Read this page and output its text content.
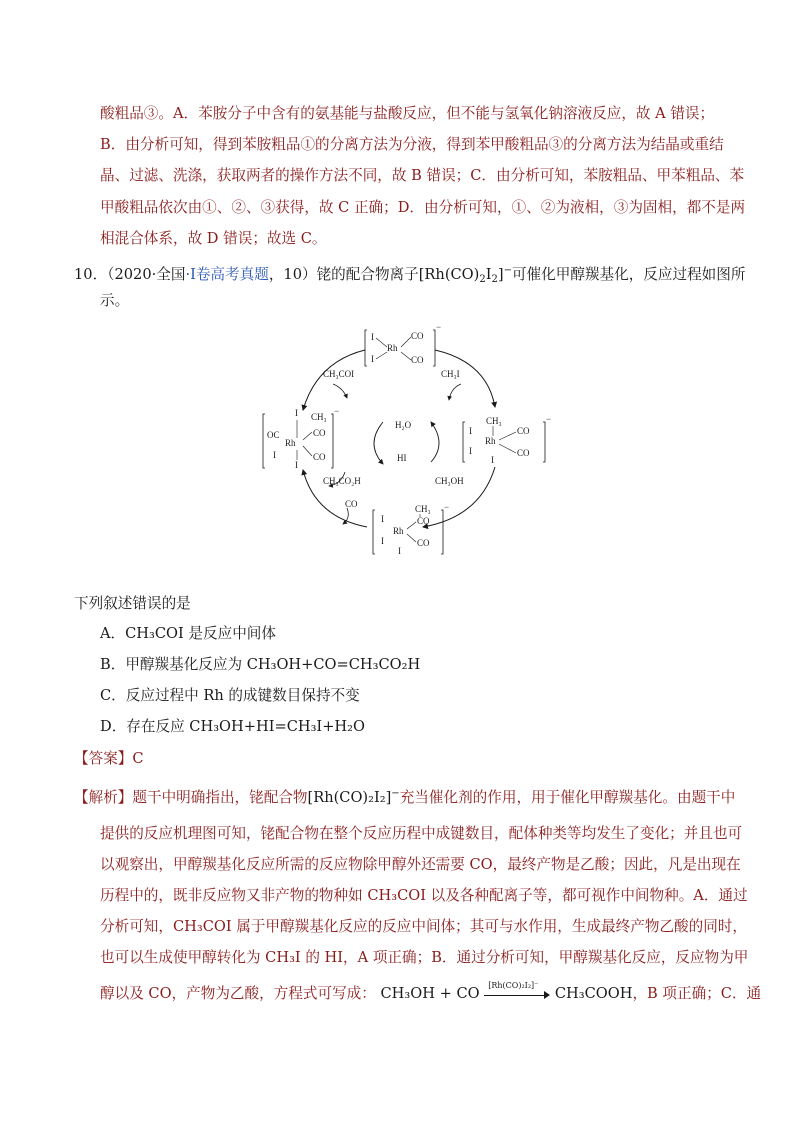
酸粗品③。A．苯胺分子中含有的氨基能与盐酸反应，但不能与氢氧化钠溶液反应，故 A 错误；
B．由分析可知，得到苯胺粗品①的分离方法为分液，得到苯甲酸粗品③的分离方法为结晶或重结
晶、过滤、洗涤，获取两者的操作方法不同，故 B 错误；C．由分析可知，苯胺粗品、甲苯粗品、苯
甲酸粗品依次由①、②、③获得，故 C 正确；D．由分析可知，①、②为液相，③为固相，都不是两
相混合体系，故 D 错误；故选 C。
10．（2020·全国·Ⅰ卷高考真题，10）铑的配合物离子$[Rh(CO)_2I_2]^-$可催化甲醇羰基化，反应过程如图所
示。
CH₃COI
H₂O
HI
CH₃CO₂H
CH₃I
CH₃OH
CO
I
I
Rh
CO
CO
−
CH₃
I
I
I
Rh
CO
CO
−
CH₃
I
I
I
Rh
CO
CO
−
CH₃
I
OC
Rh
CO
CO
I
I
−
下列叙述错误的是
A．CH₃COI 是反应中间体
B．甲醇羰基化反应为 CH₃OH+CO=CH₃CO₂H
C．反应过程中 Rh 的成键数目保持不变
D．存在反应 CH₃OH+HI=CH₃I+H₂O
【答案】C
【解析】题干中明确指出，铑配合物[Rh(CO)₂I₂]−充当催化剂的作用，用于催化甲醇羰基化。由题干中
提供的反应机理图可知，铑配合物在整个反应历程中成键数目，配体种类等均发生了变化；并且也可
以观察出，甲醇羰基化反应所需的反应物除甲醇外还需要 CO，最终产物是乙酸；因此，凡是出现在
历程中的，既非反应物又非产物的物种如 CH₃COI 以及各种配离子等，都可视作中间物种。A．通过
分析可知，CH₃COI 属于甲醇羰基化反应的反应中间体；其可与水作用，生成最终产物乙酸的同时，
也可以生成使甲醇转化为 CH₃I 的 HI，A 项正确；B．通过分析可知，甲醇羰基化反应，反应物为甲
醇以及 CO，产物为乙酸，方程式可写成： CH₃OH + CO [Rh(CO)₂I₂]⁻ CH₃COOH，B 项正确；C．通
